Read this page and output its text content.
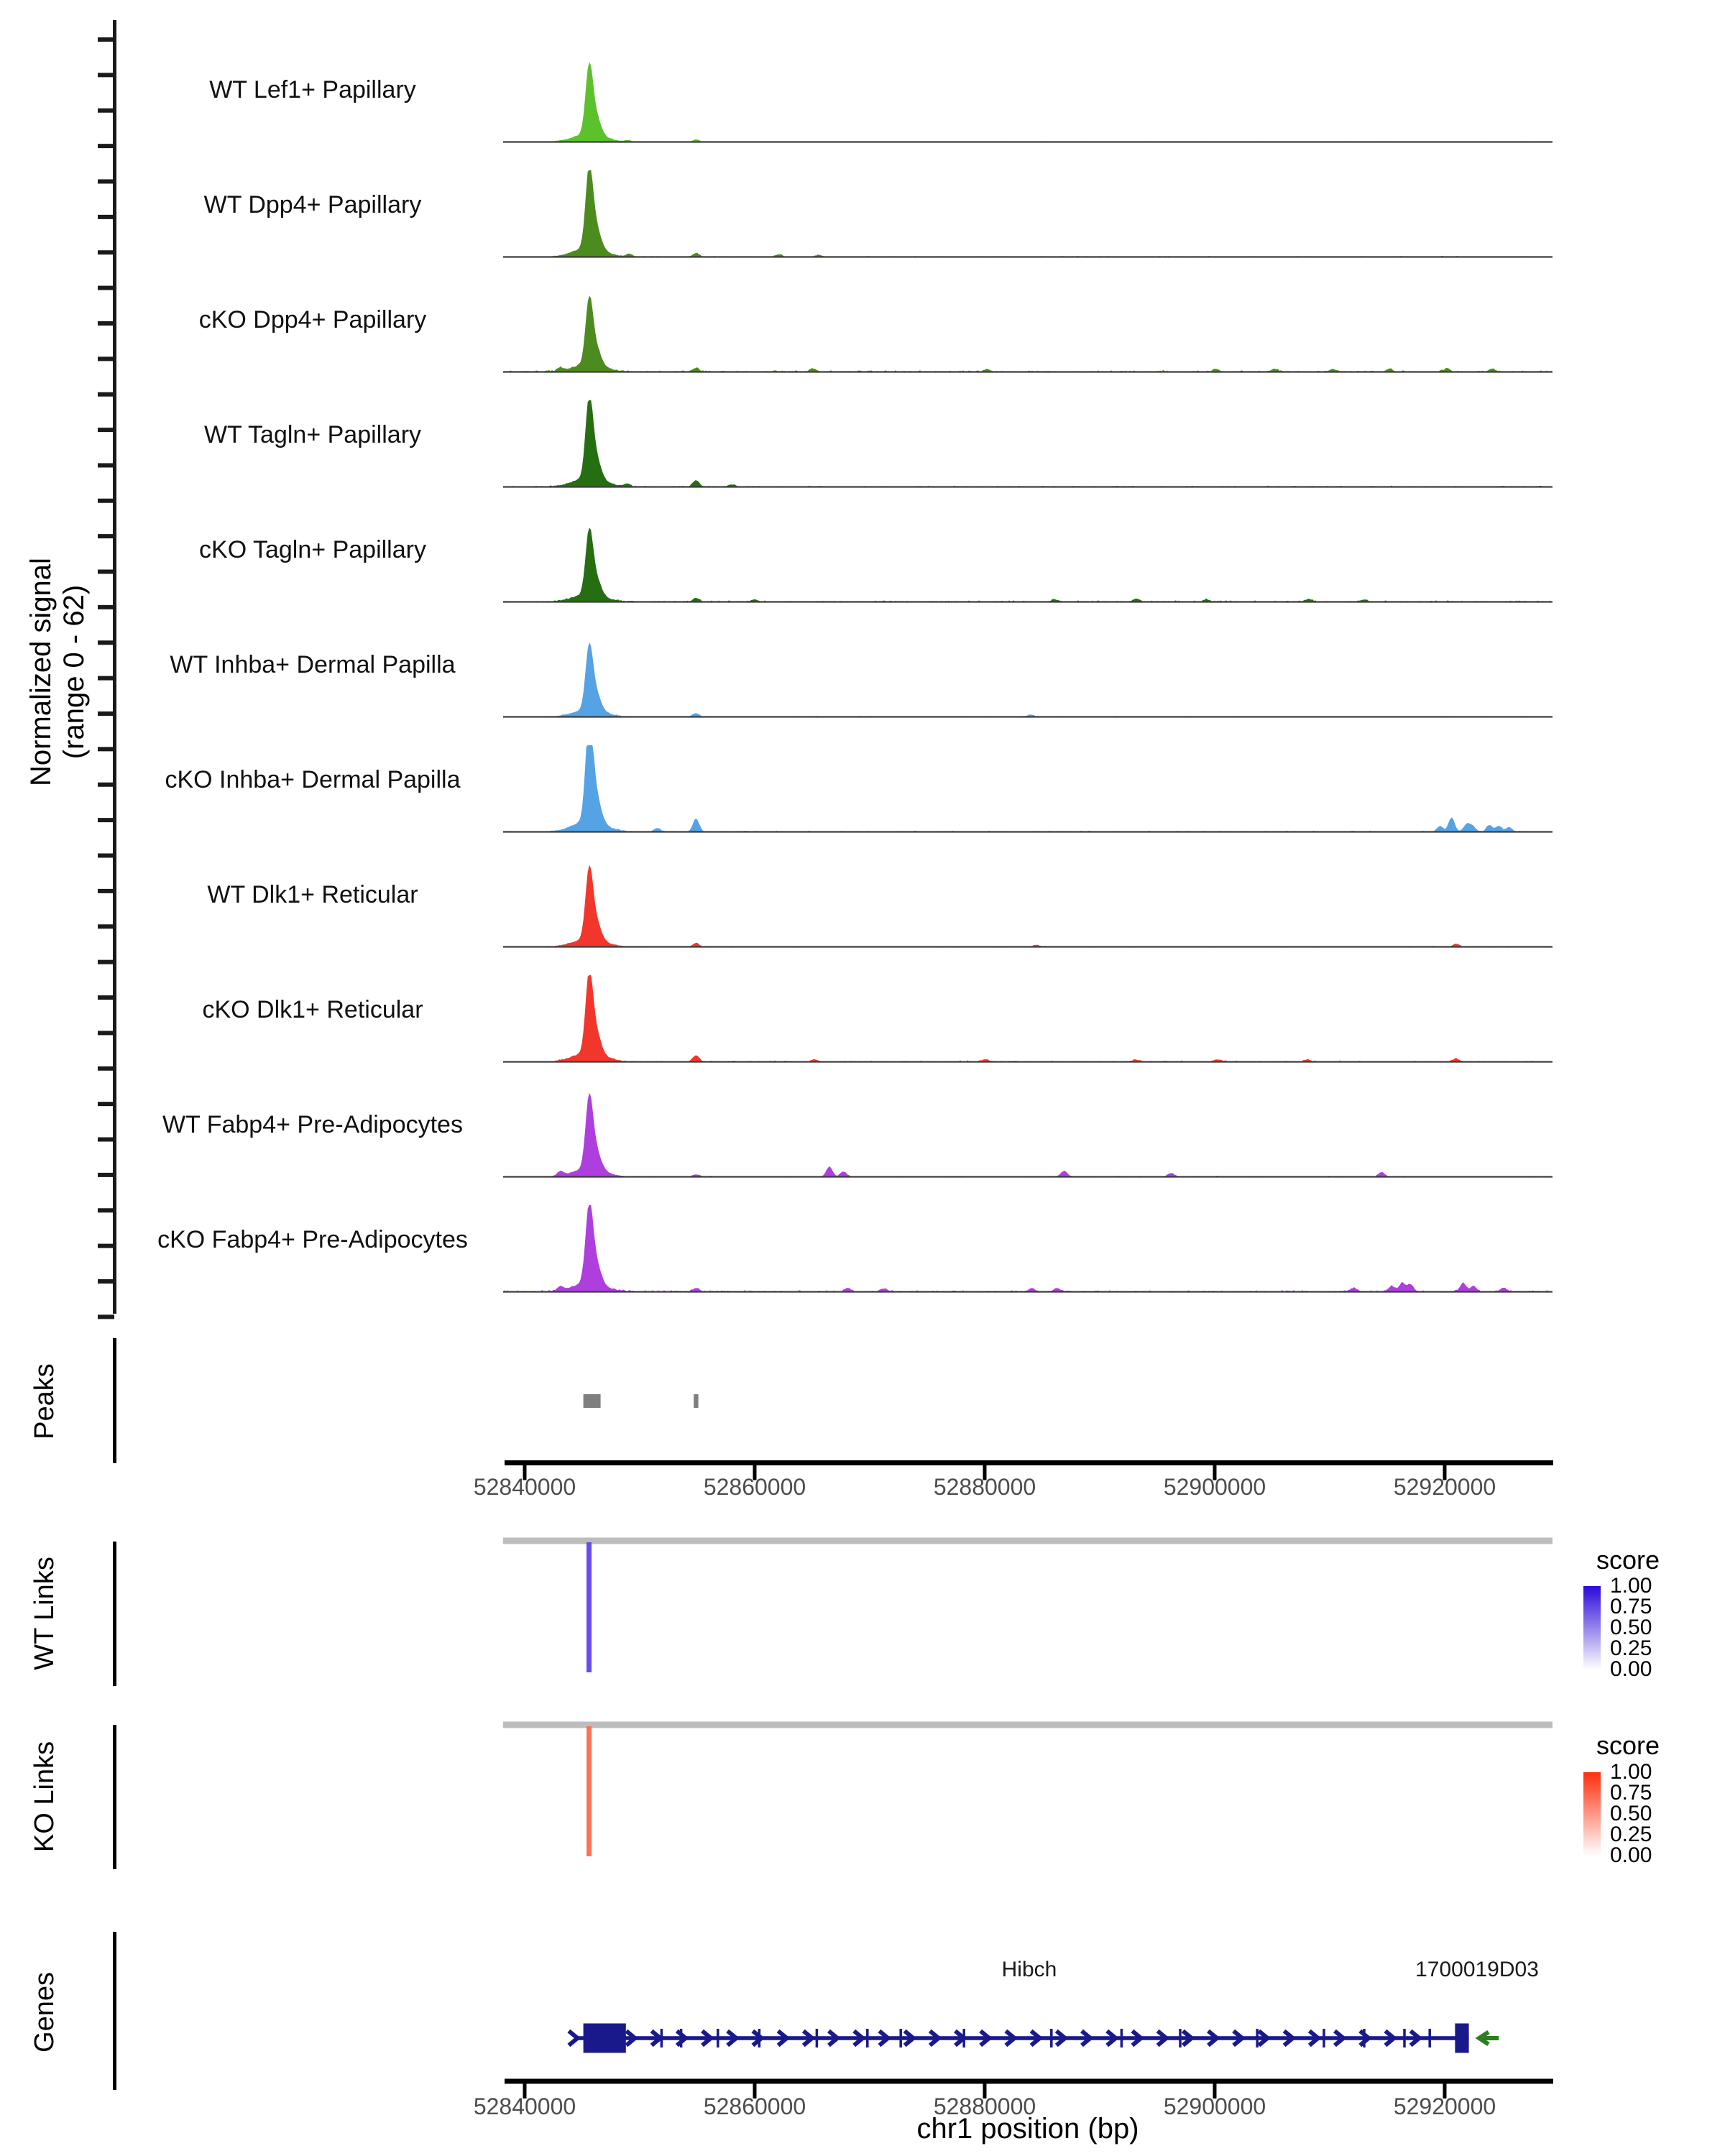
Normalized signal (range 0 - 62)
WT Lef1+ Papillary
WT Dpp4+ Papillary
cKO Dpp4+ Papillary
WT Tagln+ Papillary
cKO Tagln+ Papillary
WT Inhba+ Dermal Papilla
cKO Inhba+ Dermal Papilla
WT Dlk1+ Reticular
cKO Dlk1+ Reticular
WT Fabp4+ Pre-Adipocytes
cKO Fabp4+ Pre-Adipocytes
Peaks
WT Links
KO Links
Genes
52840000	52860000	52880000	52900000	52920000
score
1.00
0.75
0.50
0.25
0.00
score
1.00
0.75
0.50
0.25
0.00
Hibch	1700019D03
52840000	52860000	52880000	52900000	52920000
chr1 position (bp)
